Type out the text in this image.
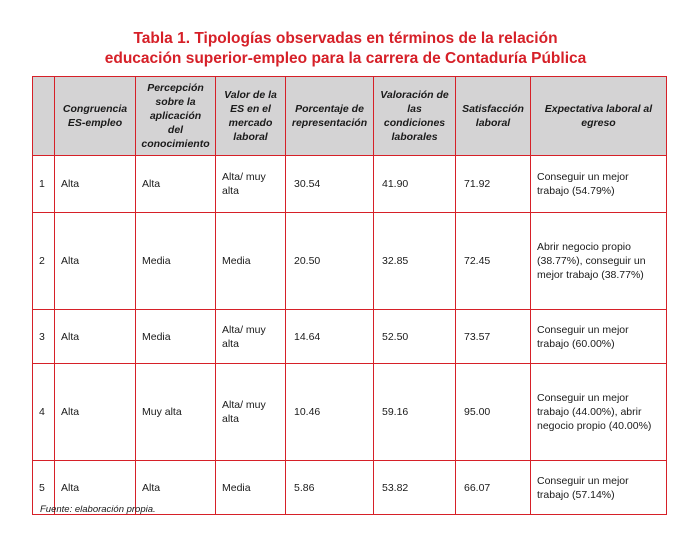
Tabla 1. Tipologías observadas en términos de la relación
educación superior-empleo para la carrera de Contaduría Pública
	Congruencia ES-empleo	Percepción sobre la aplicación del conocimiento	Valor de la ES en el mercado laboral	Porcentaje de representación	Valoración de las condiciones laborales	Satisfacción laboral	Expectativa laboral al egreso
1	Alta	Alta	Alta/ muy alta	30.54	41.90	71.92	Conseguir un mejor trabajo (54.79%)
2	Alta	Media	Media	20.50	32.85	72.45	Abrir negocio propio (38.77%), conseguir un mejor trabajo (38.77%)
3	Alta	Media	Alta/ muy alta	14.64	52.50	73.57	Conseguir un mejor trabajo (60.00%)
4	Alta	Muy alta	Alta/ muy alta	10.46	59.16	95.00	Conseguir un mejor trabajo (44.00%), abrir negocio propio (40.00%)
5	Alta	Alta	Media	5.86	53.82	66.07	Conseguir un mejor trabajo (57.14%)
Fuente: elaboración propia.
